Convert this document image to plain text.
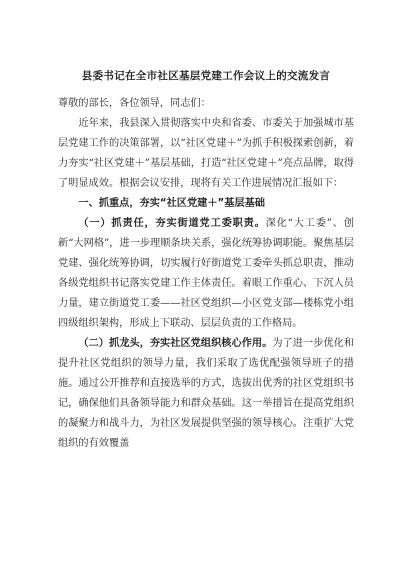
县委书记在全市社区基层党建工作会议上的交流发言

尊敬的部长，各位领导，同志们：

近年来，我县深入贯彻落实中央和省委、市委关于加强城市基层党建工作的决策部署，以“社区党建＋”为抓手积极探索创新，着力夯实“社区党建＋”基层基础，打造“社区党建＋”亮点品牌，取得了明显成效。根据会议安排，现将有关工作进展情况汇报如下：

一、抓重点，夯实“社区党建＋”基层基础

（一）抓责任，夯实街道党工委职责。深化“大工委”、创新“大网格”，进一步理顺条块关系，强化统筹协调职能。聚焦基层党建、强化统筹协调，切实履行好街道党工委牵头抓总职责，推动各级党组织书记落实党建工作主体责任。着眼工作重心、下沉人员力量，建立街道党工委——社区党组织—小区党支部—楼栋党小组四级组织架构，形成上下联动、层层负责的工作格局。

（二）抓龙头，夯实社区党组织核心作用。为了进一步优化和提升社区党组织的领导力量，我们采取了选优配强领导班子的措施。通过公开推荐和直接选举的方式，选拔出优秀的社区党组织书记，确保他们具备领导能力和群众基础。这一举措旨在提高党组织的凝聚力和战斗力，为社区发展提供坚强的领导核心。注重扩大党组织的有效覆盖
